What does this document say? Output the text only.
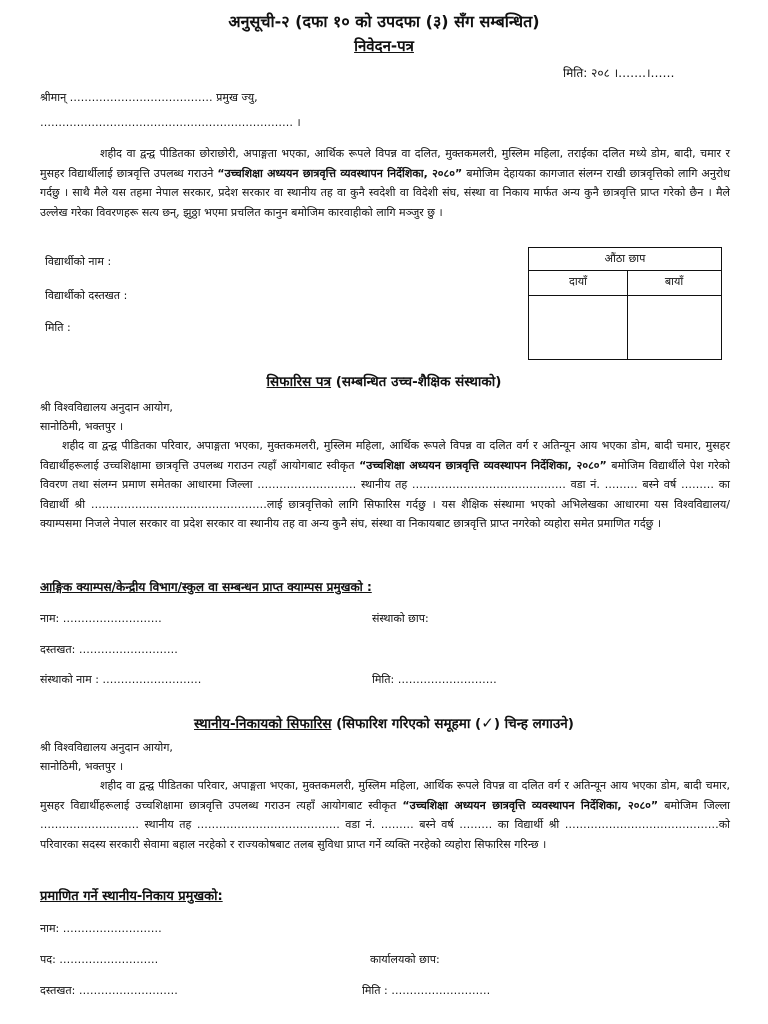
अनुसूची-२ (दफा १० को उपदफा (३) सँग सम्बन्धित)
निवेदन-पत्र
मिति: २०८ ।…….।……
श्रीमान् ………………………………… प्रमुख ज्यु,
…………………………………………………………… ।
शहीद वा द्वन्द्व पीडितका छोराछोरी, अपाङ्गता भएका, आर्थिक रूपले विपन्न वा दलित, मुक्तकमलरी, मुस्लिम महिला, तराईका दलित मध्ये डोम, बादी, चमार र मुसहर विद्यार्थीलाई छात्रवृत्ति उपलब्ध गराउने “उच्चशिक्षा अध्ययन छात्रवृत्ति व्यवस्थापन निर्देशिका, २०८०” बमोजिम देहायका कागजात संलग्न राखी छात्रवृत्तिको लागि अनुरोध गर्दछु । साथै मैले यस तहमा नेपाल सरकार, प्रदेश सरकार वा स्थानीय तह वा कुनै स्वदेशी वा विदेशी संघ, संस्था वा निकाय मार्फत अन्य कुनै छात्रवृत्ति प्राप्त गरेको छैन । मैले उल्लेख गरेका विवरणहरू सत्य छन्, झुठ्ठा भएमा प्रचलित कानुन बमोजिम कारवाहीको लागि मञ्जुर छु ।
विद्यार्थीको नाम :
विद्यार्थीको दस्तखत :
मिति :
औंठा छाप
दायाँ	बायाँ
सिफारिस पत्र (सम्बन्धित उच्च-शैक्षिक संस्थाको)
श्री विश्वविद्यालय अनुदान आयोग,
सानोठिमी, भक्तपुर ।
शहीद वा द्वन्द्व पीडितका परिवार, अपाङ्गता भएका, मुक्तकमलरी, मुस्लिम महिला, आर्थिक रूपले विपन्न वा दलित वर्ग र अतिन्यून आय भएका डोम, बादी चमार, मुसहर विद्यार्थीहरूलाई उच्चशिक्षामा छात्रवृत्ति उपलब्ध गराउन त्यहाँ आयोगबाट स्वीकृत “उच्चशिक्षा अध्ययन छात्रवृत्ति व्यवस्थापन निर्देशिका, २०८०” बमोजिम विद्यार्थीले पेश गरेको विवरण तथा संलग्न प्रमाण समेतका आधारमा जिल्ला ……………………… स्थानीय तह …………………………………… वडा नं. ……… बस्ने वर्ष ……… का विद्यार्थी श्री …………………………………………लाई छात्रवृत्तिको लागि सिफारिस गर्दछु । यस शैक्षिक संस्थामा भएको अभिलेखका आधारमा यस विश्वविद्यालय/क्याम्पसमा निजले नेपाल सरकार वा प्रदेश सरकार वा स्थानीय तह वा अन्य कुनै संघ, संस्था वा निकायबाट छात्रवृत्ति प्राप्त नगरेको व्यहोरा समेत प्रमाणित गर्दछु ।
आङ्गिक क्याम्पस/केन्द्रीय विभाग/स्कुल वा सम्बन्धन प्राप्त क्याम्पस प्रमुखको :
नाम: ………………………	संस्थाको छाप:
दस्तखत: ………………………
संस्थाको नाम : ………………………	मिति: ………………………
स्थानीय-निकायको सिफारिस (सिफारिश गरिएको समूहमा (✓) चिन्ह लगाउने)
श्री विश्वविद्यालय अनुदान आयोग,
सानोठिमी, भक्तपुर ।
शहीद वा द्वन्द्व पीडितका परिवार, अपाङ्गता भएका, मुक्तकमलरी, मुस्लिम महिला, आर्थिक रूपले विपन्न वा दलित वर्ग र अतिन्यून आय भएका डोम, बादी चमार, मुसहर विद्यार्थीहरूलाई उच्चशिक्षामा छात्रवृत्ति उपलब्ध गराउन त्यहाँ आयोगबाट स्वीकृत “उच्चशिक्षा अध्ययन छात्रवृत्ति व्यवस्थापन निर्देशिका, २०८०” बमोजिम जिल्ला ……………………… स्थानीय तह ………………………………… वडा नं. ……… बस्ने वर्ष ……… का विद्यार्थी श्री ……………………………………को परिवारका सदस्य सरकारी सेवामा बहाल नरहेको र राज्यकोषबाट तलब सुविधा प्राप्त गर्ने व्यक्ति नरहेको व्यहोरा सिफारिस गरिन्छ ।
प्रमाणित गर्ने स्थानीय-निकाय प्रमुखको:
नाम: ………………………
पद: ………………………	कार्यालयको छाप:
दस्तखत: ………………………	मिति : ………………………
